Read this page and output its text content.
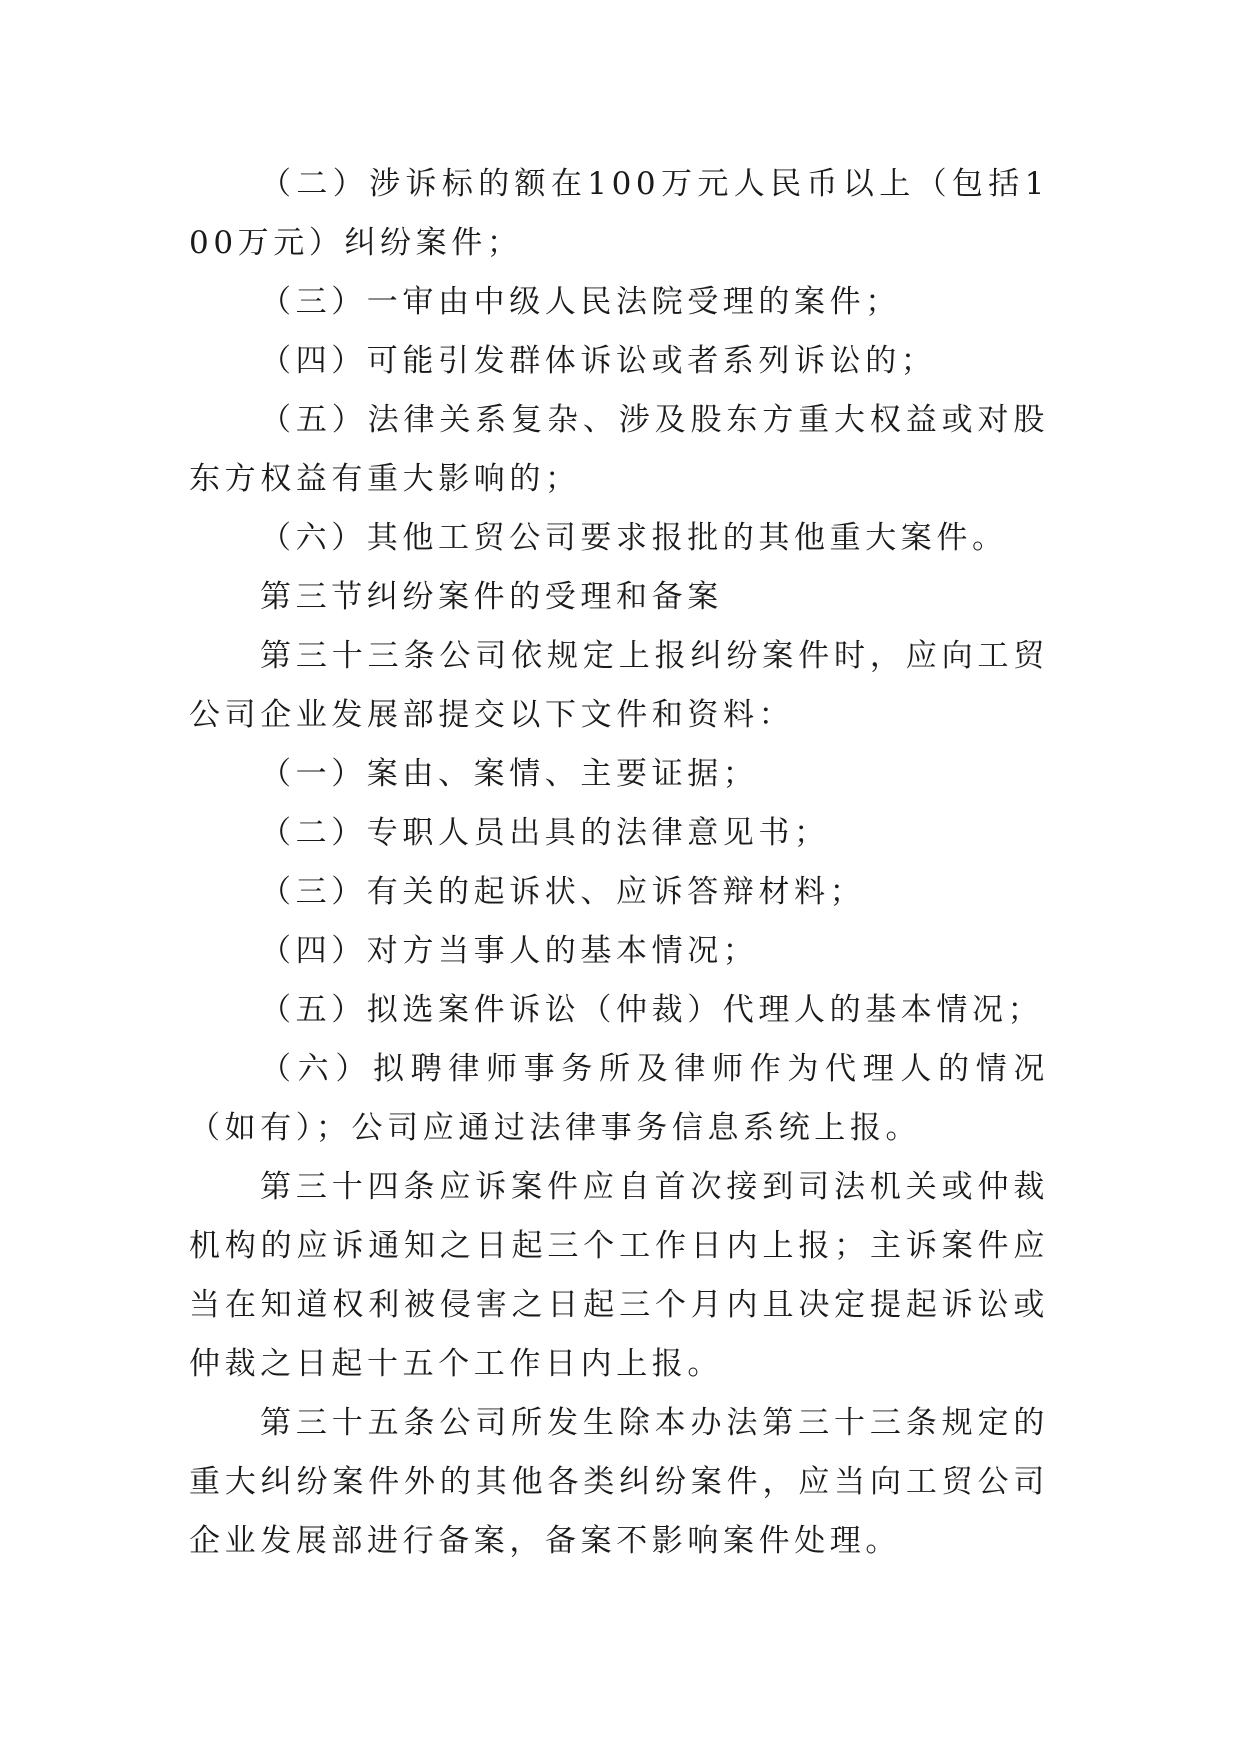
（二）涉诉标的额在100万元人民币以上（包括100万元）纠纷案件；

（三）一审由中级人民法院受理的案件；

（四）可能引发群体诉讼或者系列诉讼的；

（五）法律关系复杂、涉及股东方重大权益或对股东方权益有重大影响的；

（六）其他工贸公司要求报批的其他重大案件。

第三节纠纷案件的受理和备案

第三十三条公司依规定上报纠纷案件时，应向工贸公司企业发展部提交以下文件和资料：

（一）案由、案情、主要证据；

（二）专职人员出具的法律意见书；

（三）有关的起诉状、应诉答辩材料；

（四）对方当事人的基本情况；

（五）拟选案件诉讼（仲裁）代理人的基本情况；

（六）拟聘律师事务所及律师作为代理人的情况（如有）；公司应通过法律事务信息系统上报。

第三十四条应诉案件应自首次接到司法机关或仲裁机构的应诉通知之日起三个工作日内上报；主诉案件应当在知道权利被侵害之日起三个月内且决定提起诉讼或仲裁之日起十五个工作日内上报。

第三十五条公司所发生除本办法第三十三条规定的重大纠纷案件外的其他各类纠纷案件，应当向工贸公司企业发展部进行备案，备案不影响案件处理。
